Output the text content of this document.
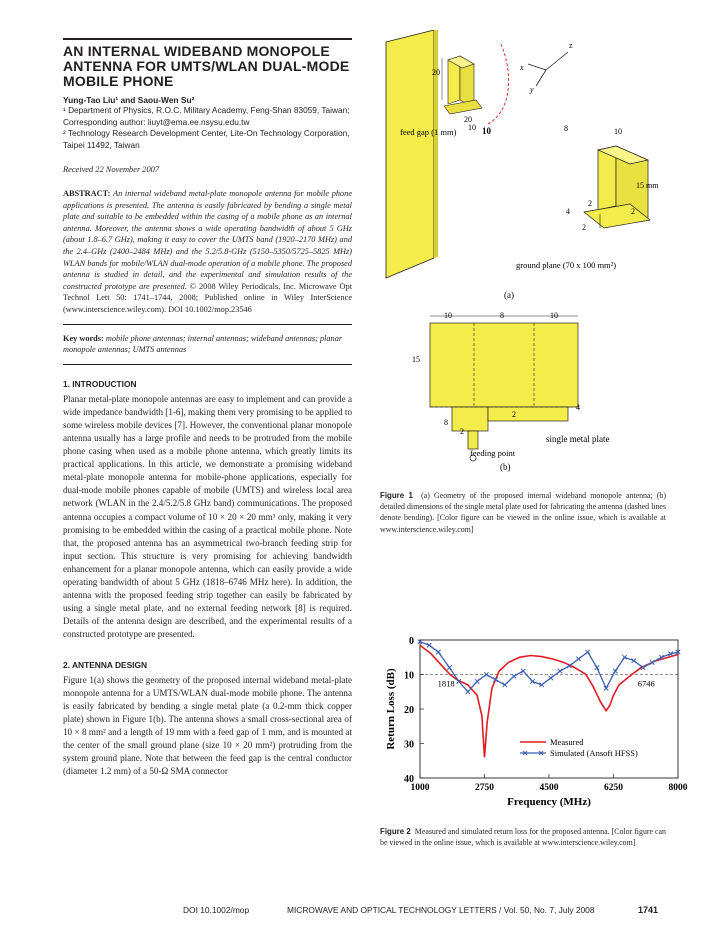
AN INTERNAL WIDEBAND MONOPOLE ANTENNA FOR UMTS/WLAN DUAL-MODE MOBILE PHONE
Yung-Tao Liu¹ and Saou-Wen Su²
¹ Department of Physics, R.O.C. Military Academy, Feng-Shan 83059, Taiwan; Corresponding author: liuyt@ema.ee.nsysu.edu.tw
² Technology Research Development Center, Lite-On Technology Corporation, Taipei 11492, Taiwan
Received 22 November 2007
ABSTRACT: An internal wideband metal-plate monopole antenna for mobile phone applications is presented. The antenna is easily fabricated by bending a single metal plate and suitable to be embedded within the casing of a mobile phone as an internal antenna. Moreover, the antenna shows a wide operating bandwidth of about 5 GHz (about 1.8–6.7 GHz), making it easy to cover the UMTS band (1920–2170 MHz) and the 2.4–GHz (2400–2484 MHz) and the 5.2/5.8-GHz (5150–5350/5725–5825 MHz) WLAN bands for mobile/WLAN dual-mode operation of a mobile phone. The proposed antenna is studied in detail, and the experimental and simulation results of the constructed prototype are presented. © 2008 Wiley Periodicals, Inc. Microwave Opt Technol Lett 50: 1741–1744, 2008; Published online in Wiley InterScience (www.interscience.wiley.com). DOI 10.1002/mop.23546
Key words: mobile phone antennas; internal antennas; wideband antennas; planar monopole antennas; UMTS antennas
1. INTRODUCTION
Planar metal-plate monopole antennas are easy to implement and can provide a wide impedance bandwidth [1-6], making them very promising to be applied to some wireless mobile devices [7]. However, the conventional planar monopole antenna usually has a large profile and needs to be protruded from the mobile phone casing when used as a mobile phone antenna, which greatly limits its practical applications. In this article, we demonstrate a promising wideband metal-plate monopole antenna for mobile-phone applications, especially for dual-mode mobile phones capable of mobile (UMTS) and wireless local area network (WLAN in the 2.4/5.2/5.8 GHz band) communications. The proposed antenna occupies a compact volume of 10 × 20 × 20 mm³ only, making it very promising to be embedded within the casing of a practical mobile phone. Note that, the proposed antenna has an asymmetrical two-branch feeding strip for input section. This structure is very promising for achieving bandwidth enhancement for a planar monopole antenna, which can easily provide a wide operating bandwidth of about 5 GHz (1818–6746 MHz here). In addition, the antenna with the proposed feeding strip together can easily be fabricated by using a single metal plate, and no external feeding network [8] is required. Details of the antenna design are described, and the experimental results of a constructed prototype are presented.
2. ANTENNA DESIGN
Figure 1(a) shows the geometry of the proposed internal wideband metal-plate monopole antenna for a UMTS/WLAN dual-mode mobile phone. The antenna is easily fabricated by bending a single metal plate (a 0.2-mm thick copper plate) shown in Figure 1(b). The antenna shows a small cross-sectional area of 10 × 8 mm² and a length of 19 mm with a feed gap of 1 mm, and is mounted at the center of the small ground plane (size 10 × 20 mm²) protruding from the system ground plane. Note that between the feed gap is the central conductor (diameter 1.2 mm) of a 50-Ω SMA connector
z
x
y
20
20
10 10
feed gap (1 mm)	8	10
15 mm
4
2
2
2
ground plane (70 x 100 mm²)
(a)
10	8	10
15
4
2
8
2
single metal plate
feeding point
(b)
Figure 1 (a) Geometry of the proposed internal wideband monopole antenna; (b) detailed dimensions of the single metal plate used for fabricating the antenna (dashed lines denote bending). [Color figure can be viewed in the online issue, which is available at www.interscience.wiley.com]
0
10
20
30
40
1000	2750	4500	6250	8000
Frequency (MHz)
Return Loss (dB)	1818	6746
Measured
Simulated (Ansoft HFSS)
Figure 2 Measured and simulated return loss for the proposed antenna. [Color figure can be viewed in the online issue, which is available at www.interscience.wiley.com]
DOI 10.1002/mop	MICROWAVE AND OPTICAL TECHNOLOGY LETTERS / Vol. 50, No. 7, July 2008	1741
